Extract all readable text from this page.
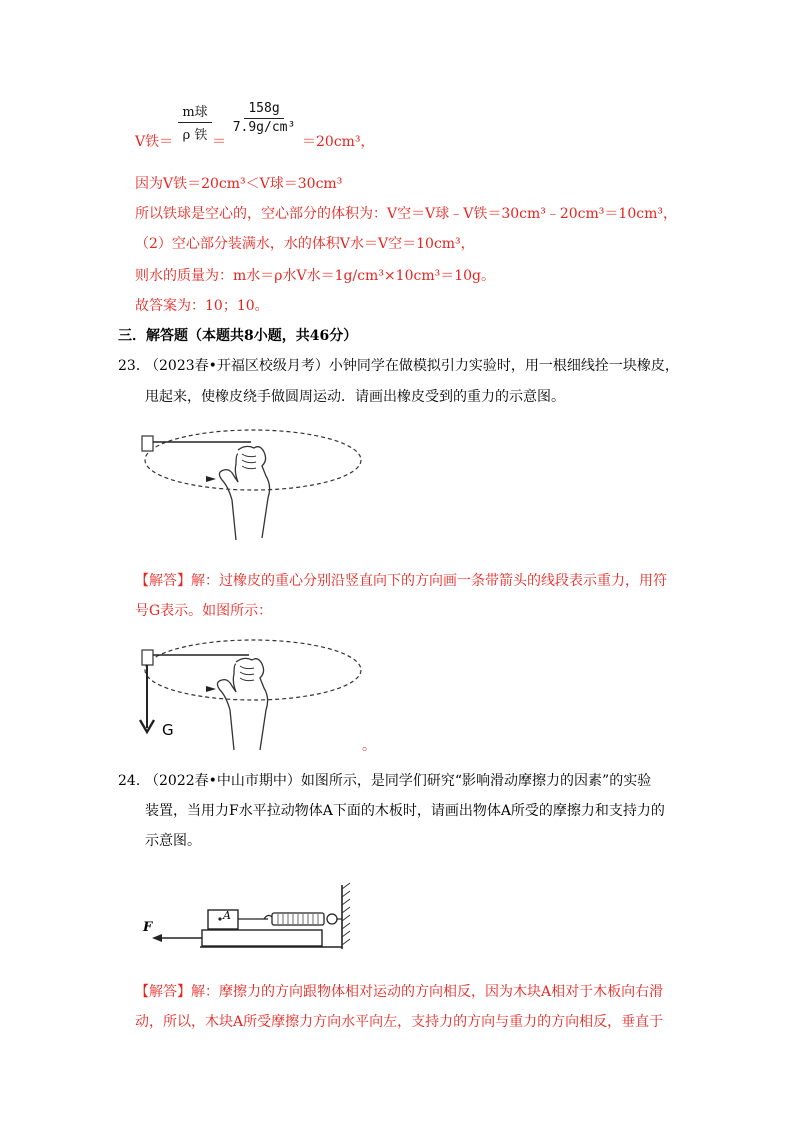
m球
ρ 铁
$\frac{158g}{\text{7.9g/cm³}}$
V铁＝	＝	＝20cm³，
因为V铁＝20cm³＜V球＝30cm³
所以铁球是空心的，空心部分的体积为：V空＝V球﹣V铁＝30cm³﹣20cm³＝10cm³，
（2）空心部分装满水，水的体积V水＝V空＝10cm³，
则水的质量为：m水＝ρ水V水＝1g/cm³×10cm³＝10g。
故答案为：10；10。
三．解答题（本题共8小题，共46分）
23．
（2023春•开福区校级月考）小钟同学在做模拟引力实验时，用一根细线拴一块橡皮，
甩起来，使橡皮绕手做圆周运动．请画出橡皮受到的重力的示意图。
【解答】解：过橡皮的重心分别沿竖直向下的方向画一条带箭头的线段表示重力，用符
号G表示。如图所示：
G
。
24．
（2022春•中山市期中）如图所示，是同学们研究“影响滑动摩擦力的因素”的实验
装置，当用力F水平拉动物体A下面的木板时，请画出物体A所受的摩擦力和支持力的
示意图。
F
A
【解答】解：摩擦力的方向跟物体相对运动的方向相反，因为木块A相对于木板向右滑
动，所以，木块A所受摩擦力方向水平向左，支持力的方向与重力的方向相反，垂直于
